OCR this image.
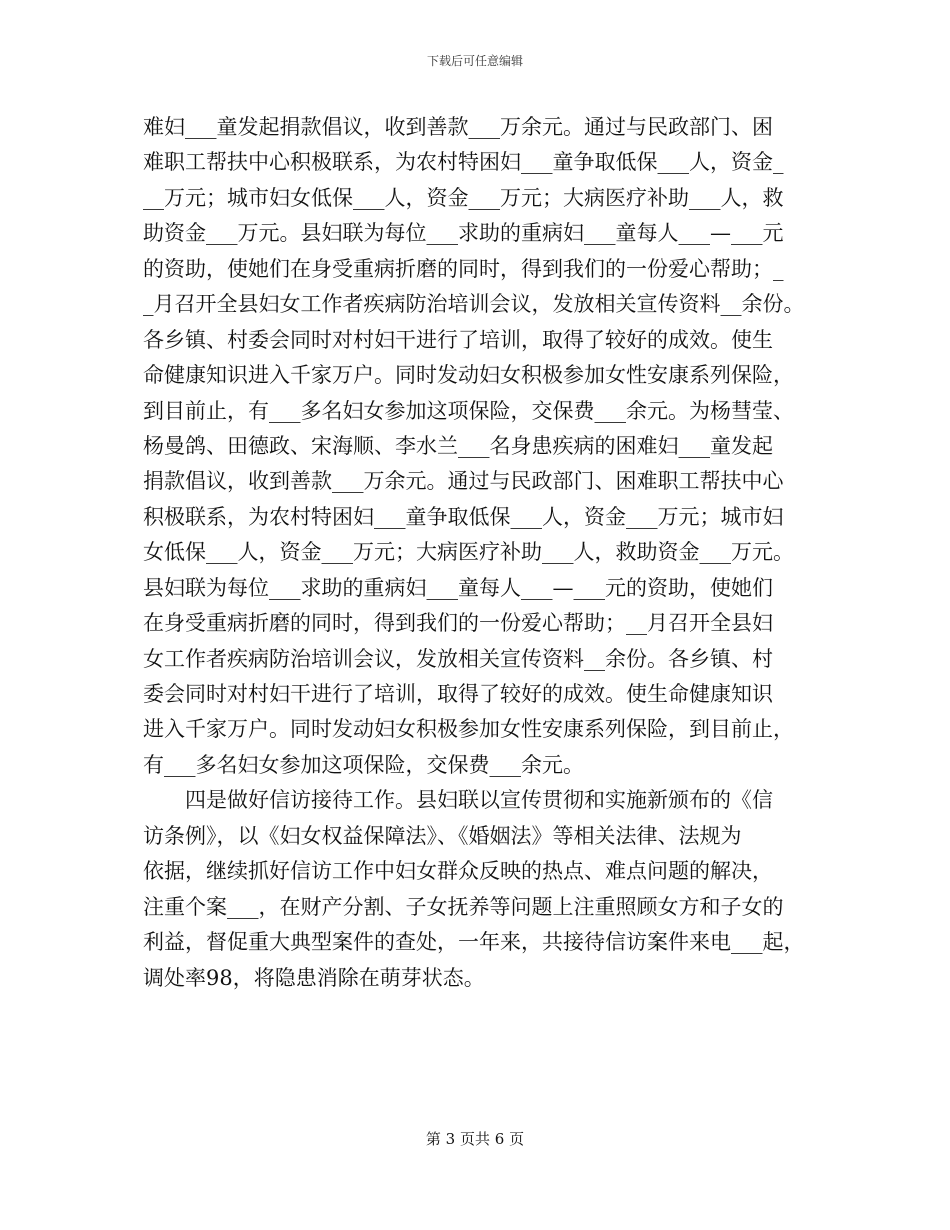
下载后可任意编辑
难妇___童发起捐款倡议，收到善款___万余元。通过与民政部门、困
难职工帮扶中心积极联系，为农村特困妇___童争取低保___人，资金_
__万元；城市妇女低保___人，资金___万元；大病医疗补助___人，救
助资金___万元。县妇联为每位___求助的重病妇___童每人___—___元
的资助，使她们在身受重病折磨的同时，得到我们的一份爱心帮助；_
_月召开全县妇女工作者疾病防治培训会议，发放相关宣传资料__余份。
各乡镇、村委会同时对村妇干进行了培训，取得了较好的成效。使生
命健康知识进入千家万户。同时发动妇女积极参加女性安康系列保险，
到目前止，有___多名妇女参加这项保险，交保费___余元。为杨彗莹、
杨曼鸽、田德政、宋海顺、李水兰___名身患疾病的困难妇___童发起
捐款倡议，收到善款___万余元。通过与民政部门、困难职工帮扶中心
积极联系，为农村特困妇___童争取低保___人，资金___万元；城市妇
女低保___人，资金___万元；大病医疗补助___人，救助资金___万元。
县妇联为每位___求助的重病妇___童每人___—___元的资助，使她们
在身受重病折磨的同时，得到我们的一份爱心帮助；__月召开全县妇
女工作者疾病防治培训会议，发放相关宣传资料__余份。各乡镇、村
委会同时对村妇干进行了培训，取得了较好的成效。使生命健康知识
进入千家万户。同时发动妇女积极参加女性安康系列保险，到目前止，
有___多名妇女参加这项保险，交保费___余元。
四是做好信访接待工作。县妇联以宣传贯彻和实施新颁布的《信
访条例》，以《妇女权益保障法》、《婚姻法》等相关法律、法规为
依据，继续抓好信访工作中妇女群众反映的热点、难点问题的解决，
注重个案___，在财产分割、子女抚养等问题上注重照顾女方和子女的
利益，督促重大典型案件的查处，一年来，共接待信访案件来电___起，
调处率98，将隐患消除在萌芽状态。
第 3 页共 6 页
